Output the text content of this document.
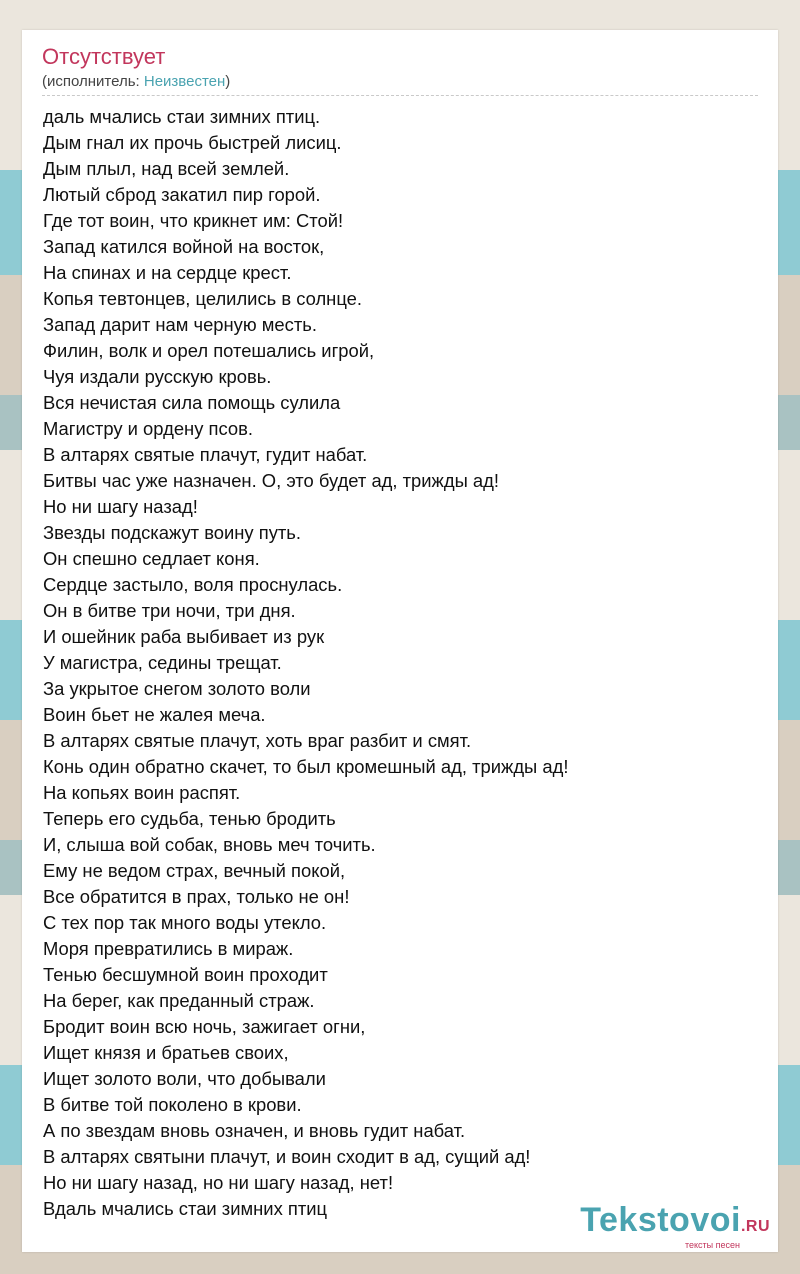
Отсутствует
(исполнитель: Неизвестен)
даль мчались стаи зимних птиц.
Дым гнал их прочь быстрей лисиц.
Дым плыл, над всей землей.
Лютый сброд закатил пир горой.
Где тот воин, что крикнет им: Стой!
Запад катился войной на восток,
На спинах и на сердце крест.
Копья тевтонцев, целились в солнце.
Запад дарит нам черную месть.
Филин, волк и орел потешались игрой,
Чуя издали русскую кровь.
Вся нечистая сила помощь сулила
Магистру и ордену псов.
В алтарях святые плачут, гудит набат.
Битвы час уже назначен. О, это будет ад, трижды ад!
Но ни шагу назад!
Звезды подскажут воину путь.
Он спешно седлает коня.
Сердце застыло, воля проснулась.
Он в битве три ночи, три дня.
И ошейник раба выбивает из рук
У магистра, седины трещат.
За укрытое снегом золото воли
Воин бьет не жалея меча.
В алтарях святые плачут, хоть враг разбит и смят.
Конь один обратно скачет, то был кромешный ад, трижды ад!
На копьях воин распят.
Теперь его судьба, тенью бродить
И, слыша вой собак, вновь меч точить.
Ему не ведом страх, вечный покой,
Все обратится в прах, только не он!
С тех пор так много воды утекло.
Моря превратились в мираж.
Тенью бесшумной воин проходит
На берег, как преданный страж.
Бродит воин всю ночь, зажигает огни,
Ищет князя и братьев своих,
Ищет золото воли, что добывали
В битве той поколено в крови.
А по звездам вновь означен, и вновь гудит набат.
В алтарях святыни плачут, и воин сходит в ад, сущий ад!
Но ни шагу назад, но ни шагу назад, нет!
Вдаль мчались стаи зимних птиц	Tekstovoi.RU
тексты песен
